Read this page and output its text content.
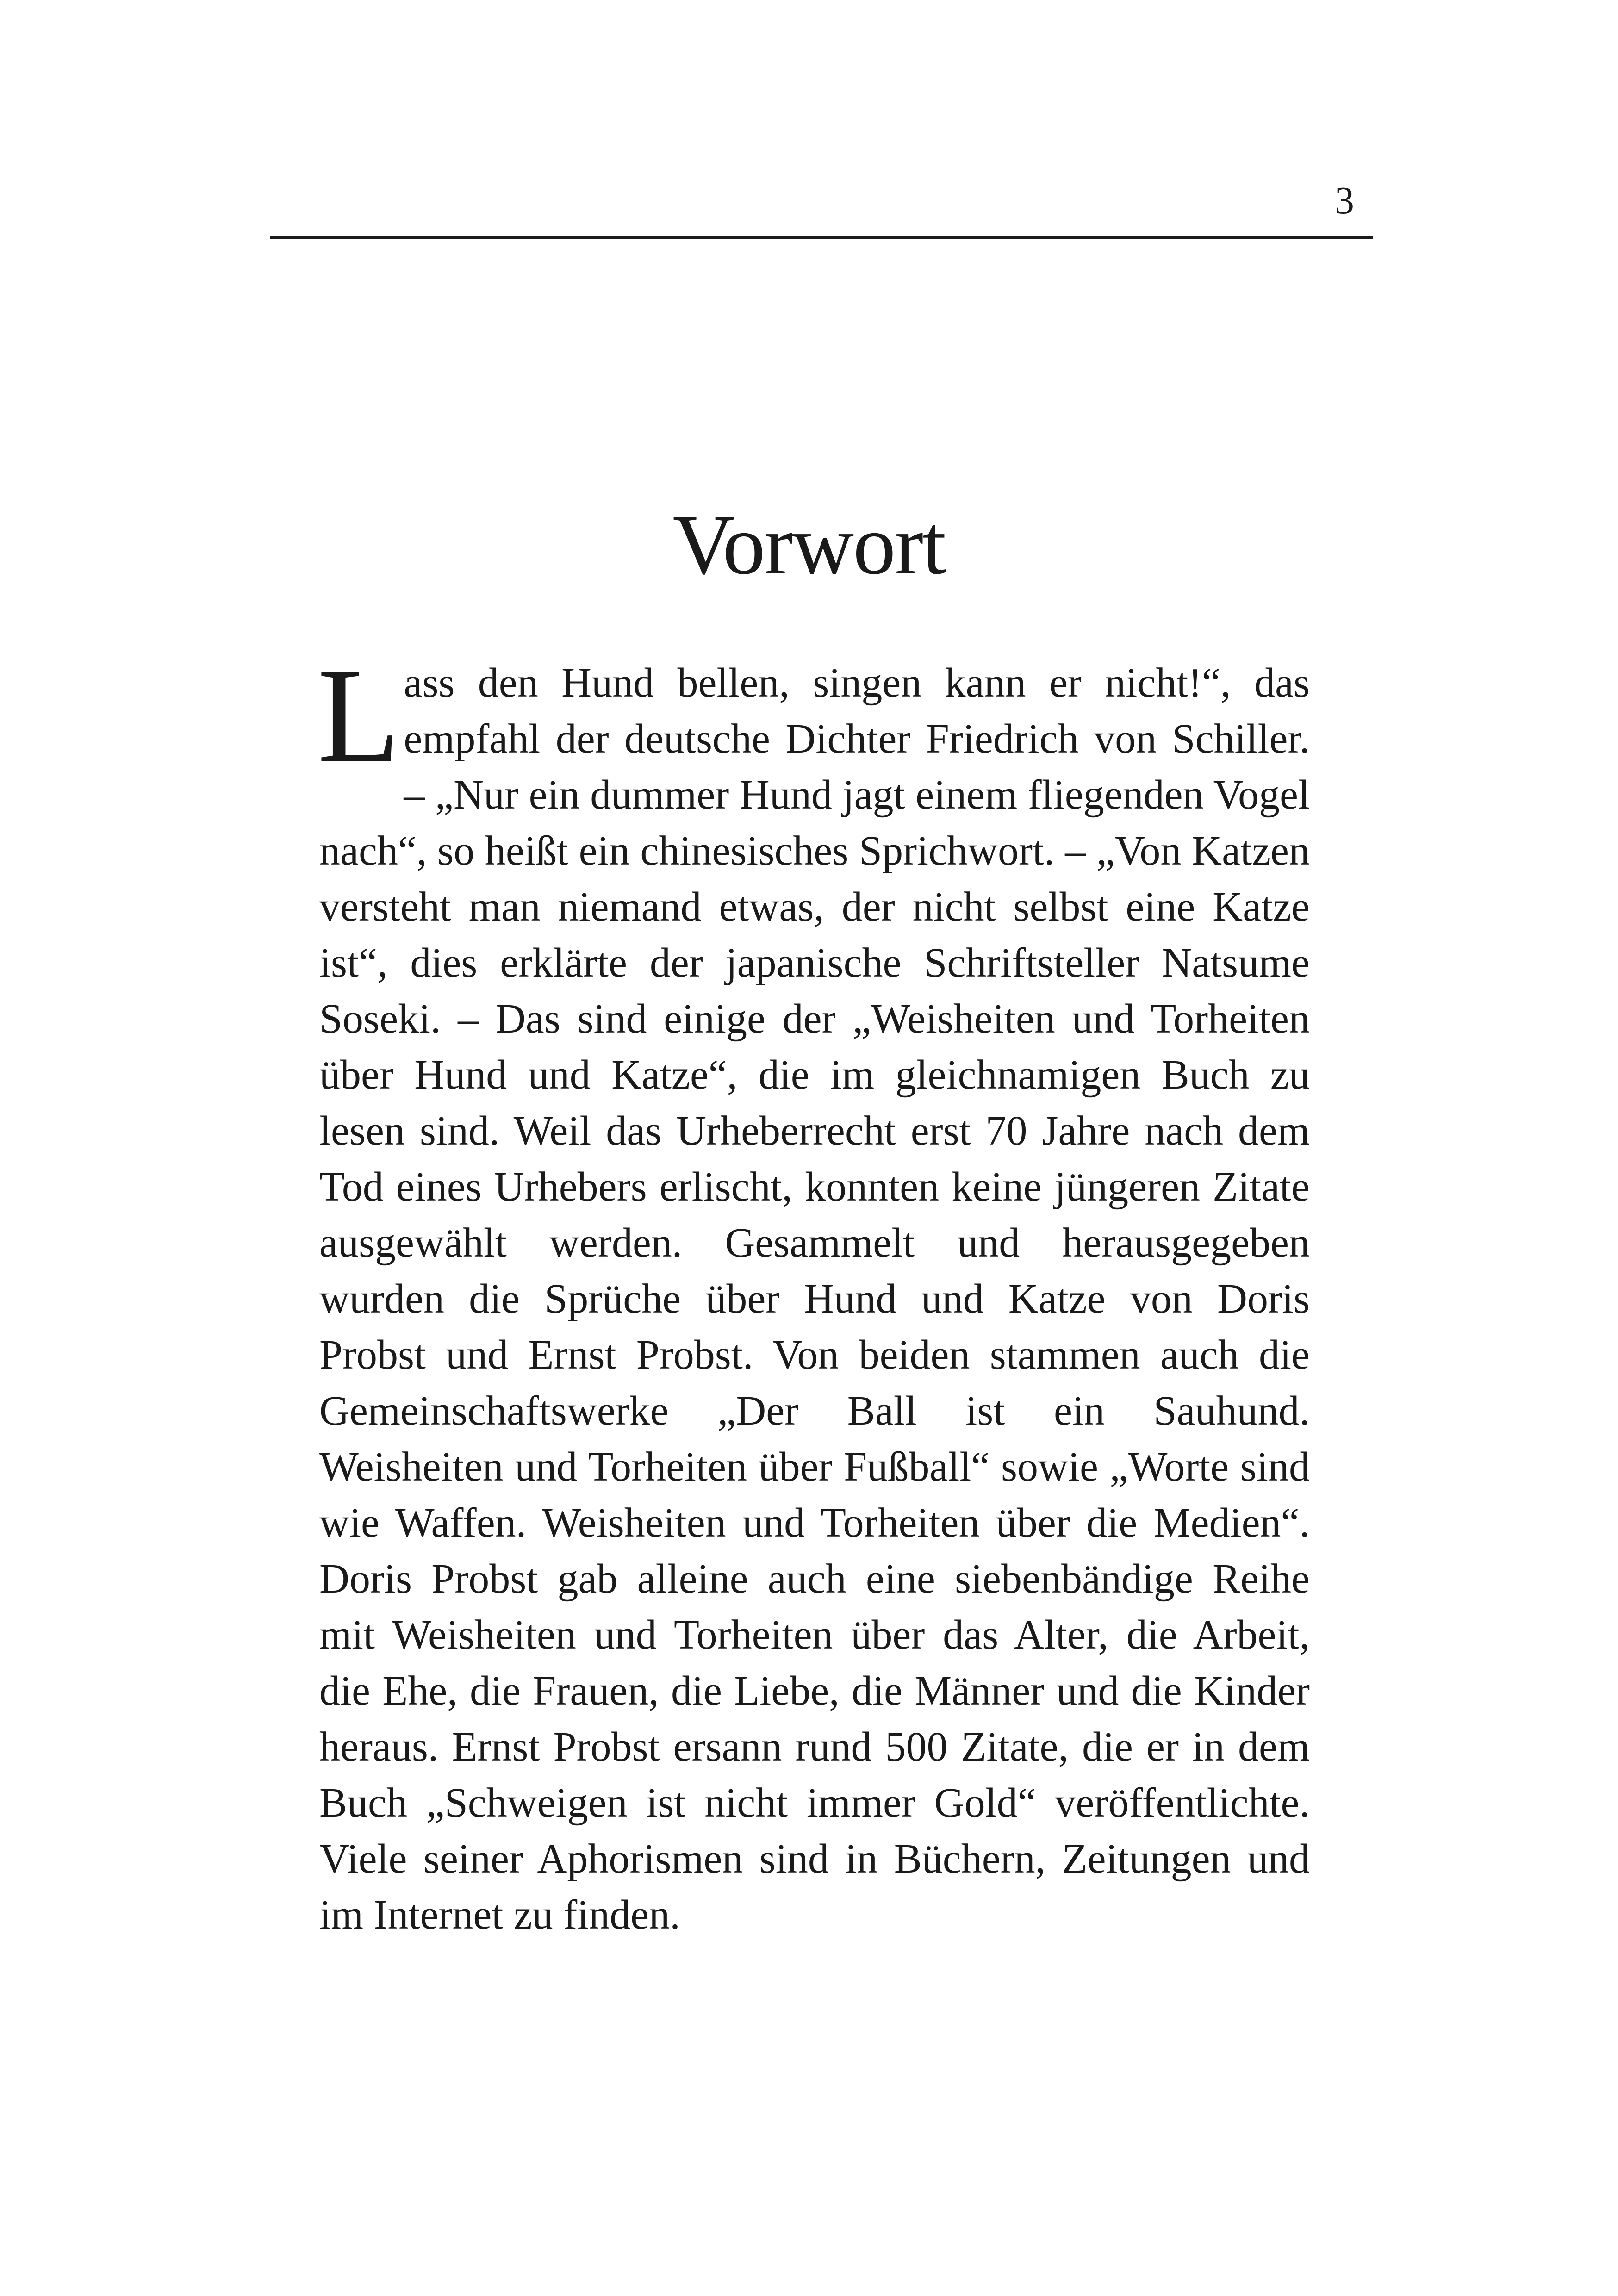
3
Vorwort

Lass den Hund bellen, singen kann er nicht!“, das empfahl der deutsche Dichter Friedrich von Schiller. – „Nur ein dummer Hund jagt einem fliegenden Vogel nach“, so heißt ein chinesisches Sprichwort. – „Von Katzen versteht man niemand etwas, der nicht selbst eine Katze ist“, dies erklärte der japanische Schriftsteller Natsume Soseki. – Das sind einige der „Weisheiten und Torheiten über Hund und Katze“, die im gleichnamigen Buch zu lesen sind. Weil das Urheberrecht erst 70 Jahre nach dem Tod eines Urhebers erlischt, konnten keine jüngeren Zitate ausgewählt werden. Gesammelt und herausgegeben wurden die Sprüche über Hund und Katze von Doris Probst und Ernst Probst. Von beiden stammen auch die Gemeinschaftswerke „Der Ball ist ein Sauhund. Weisheiten und Torheiten über Fußball“ sowie „Worte sind wie Waffen. Weisheiten und Torheiten über die Medien“. Doris Probst gab alleine auch eine siebenbändige Reihe mit Weisheiten und Torheiten über das Alter, die Arbeit, die Ehe, die Frauen, die Liebe, die Männer und die Kinder heraus. Ernst Probst ersann rund 500 Zitate, die er in dem Buch „Schweigen ist nicht immer Gold“ veröffentlichte. Viele seiner Aphorismen sind in Büchern, Zeitungen und im Internet zu finden.
